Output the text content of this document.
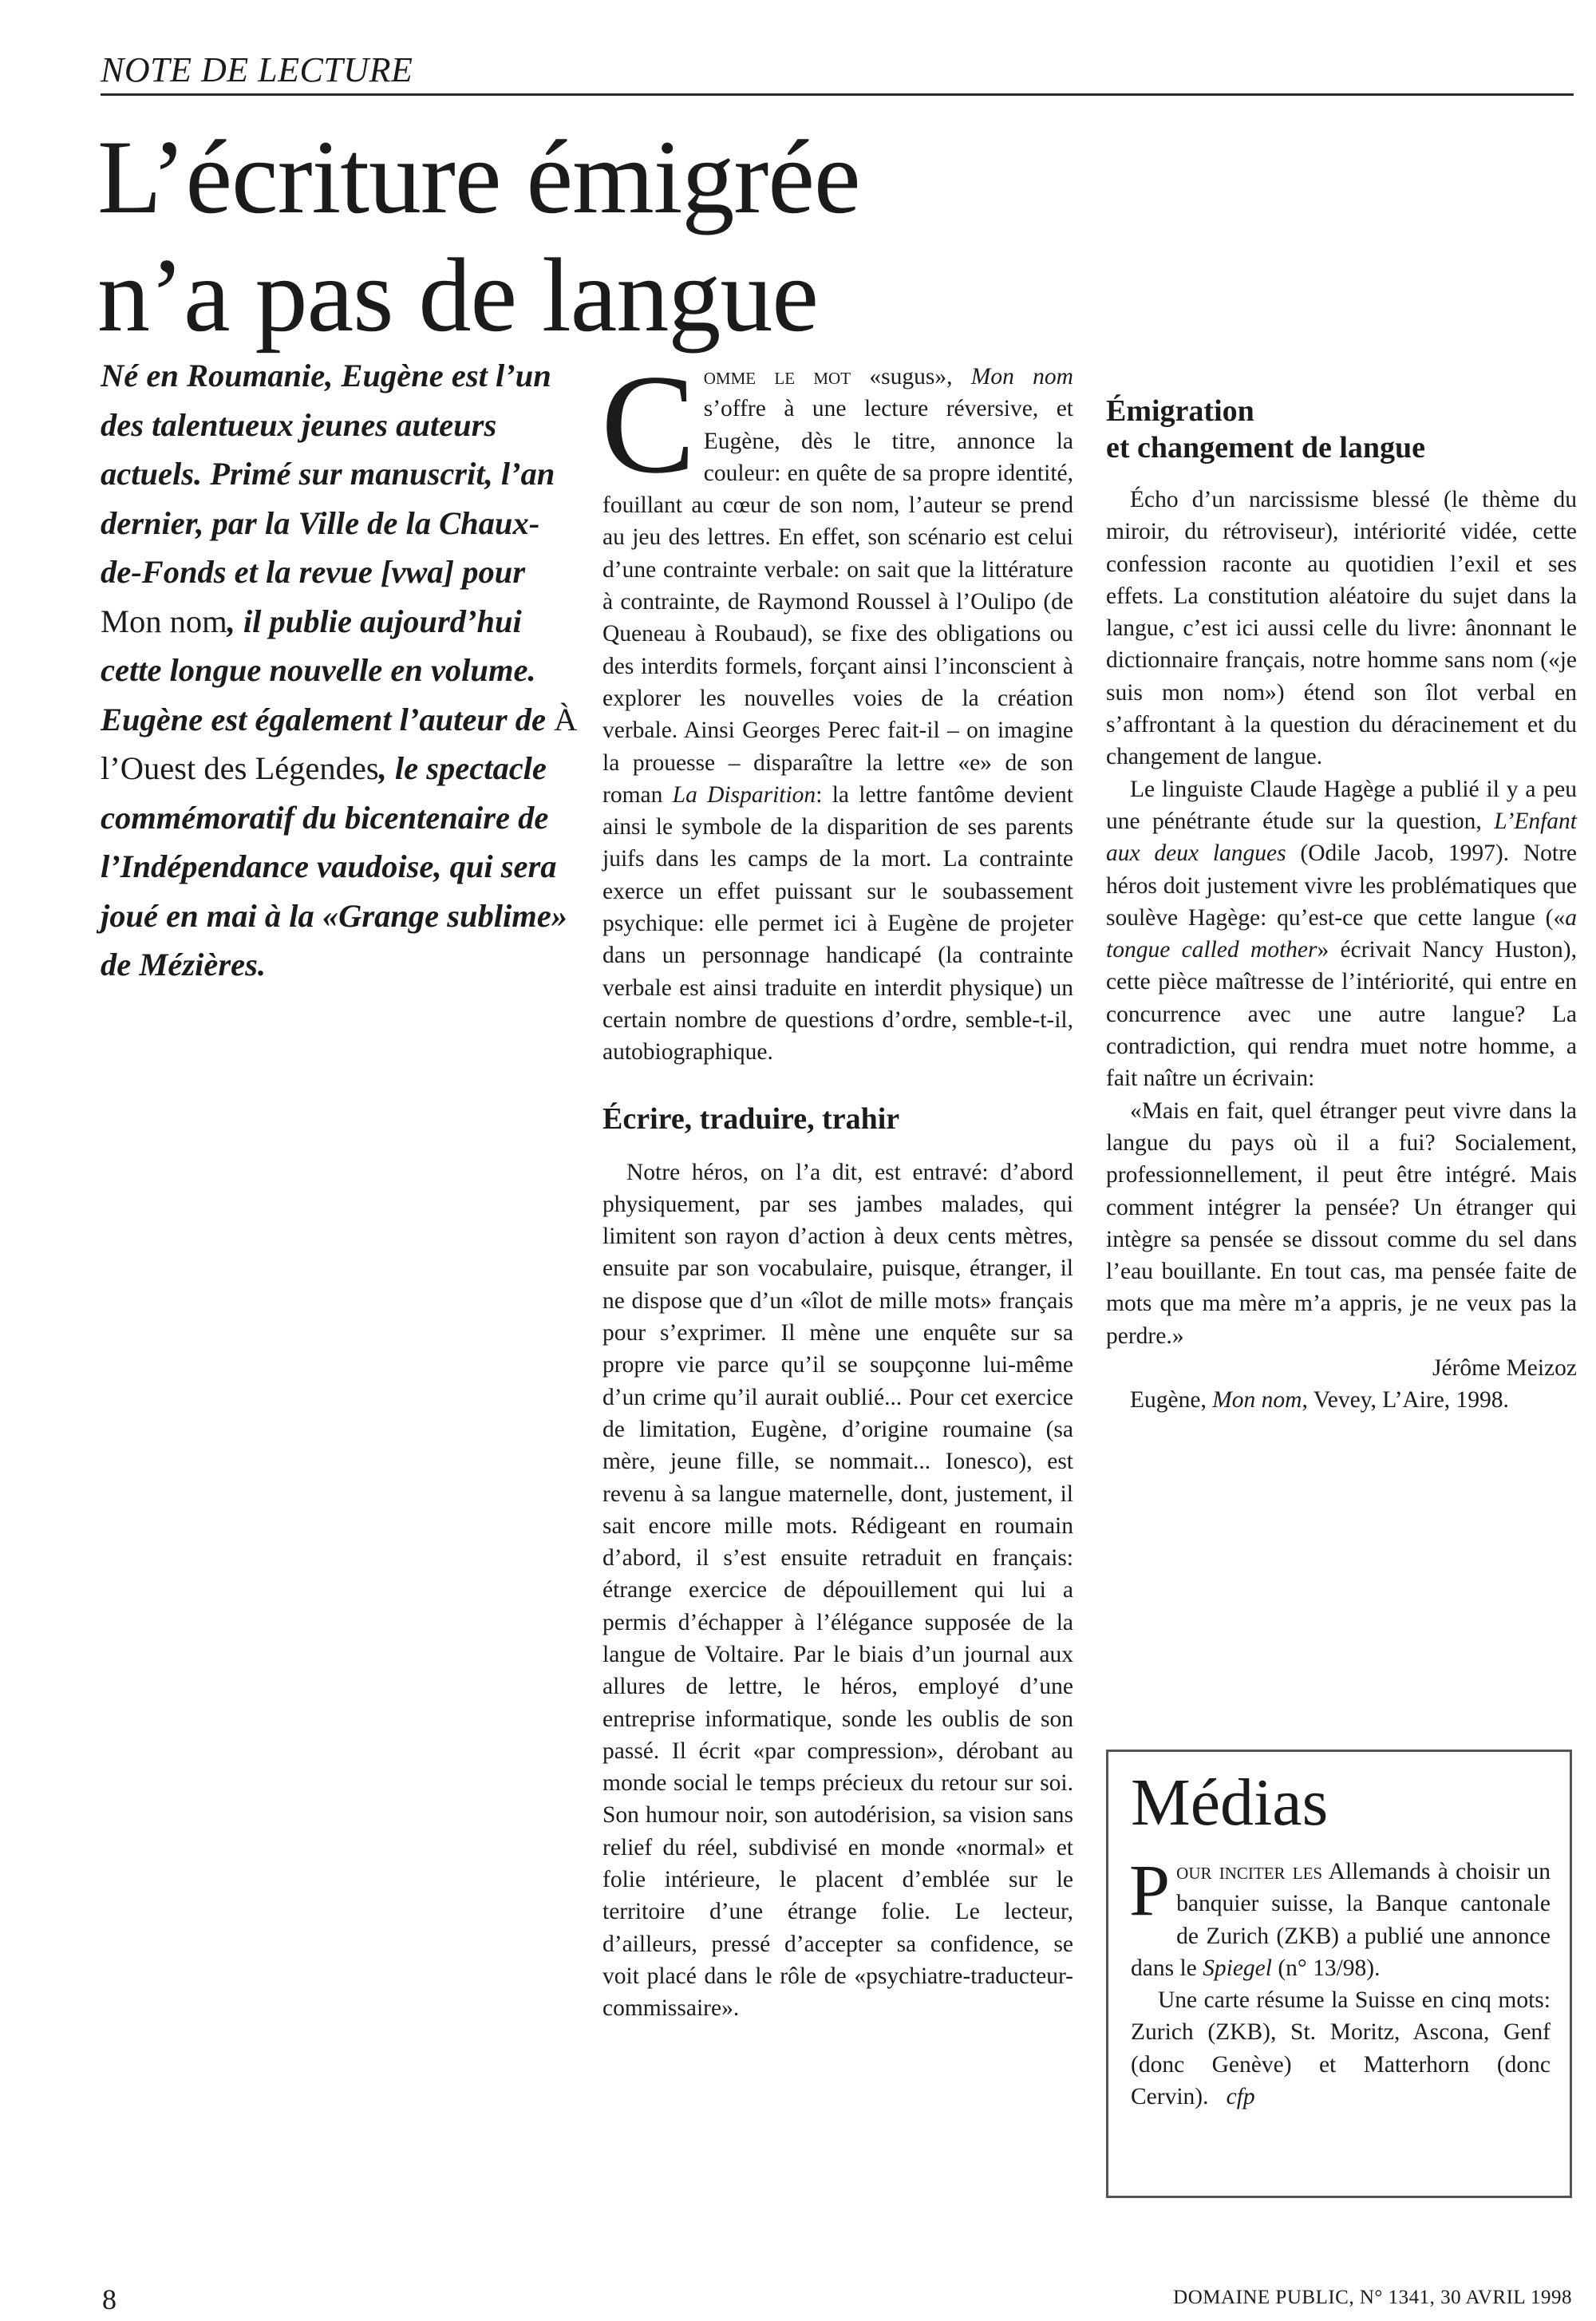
NOTE DE LECTURE
L’écriture émigrée
n’a pas de langue
Né en Roumanie, Eugène est l’un des talentueux jeunes auteurs actuels. Primé sur manuscrit, l’an dernier, par la Ville de la Chaux-de-Fonds et la revue [vwa] pour Mon nom, il publie aujourd’hui cette longue nouvelle en volume. Eugène est également l’auteur de À l’Ouest des Légendes, le spectacle commémoratif du bicentenaire de l’Indépendance vaudoise, qui sera joué en mai à la «Grange sublime» de Mézières.

Comme le mot «sugus», Mon nom s’offre à une lecture réversive, et Eugène, dès le titre, annonce la couleur: en quête de sa propre identité, fouillant au cœur de son nom, l’auteur se prend au jeu des lettres. En effet, son scénario est celui d’une contrainte verbale: on sait que la littérature à contrainte, de Raymond Roussel à l’Oulipo (de Queneau à Roubaud), se fixe des obligations ou des interdits formels, forçant ainsi l’inconscient à explorer les nouvelles voies de la création verbale. Ainsi Georges Perec fait-il – on imagine la prouesse – disparaître la lettre «e» de son roman La Disparition: la lettre fantôme devient ainsi le symbole de la disparition de ses parents juifs dans les camps de la mort. La contrainte exerce un effet puissant sur le soubassement psychique: elle permet ici à Eugène de projeter dans un personnage handicapé (la contrainte verbale est ainsi traduite en interdit physique) un certain nombre de questions d’ordre, semble-t-il, autobiographique.

Écrire, traduire, trahir

Notre héros, on l’a dit, est entravé: d’abord physiquement, par ses jambes malades, qui limitent son rayon d’action à deux cents mètres, ensuite par son vocabulaire, puisque, étranger, il ne dispose que d’un «îlot de mille mots» français pour s’exprimer. Il mène une enquête sur sa propre vie parce qu’il se soupçonne lui-même d’un crime qu’il aurait oublié... Pour cet exercice de limitation, Eugène, d’origine roumaine (sa mère, jeune fille, se nommait... Ionesco), est revenu à sa langue maternelle, dont, justement, il sait encore mille mots. Rédigeant en roumain d’abord, il s’est ensuite retraduit en français: étrange exercice de dépouillement qui lui a permis d’échapper à l’élégance supposée de la langue de Voltaire. Par le biais d’un journal aux allures de lettre, le héros, employé d’une entreprise informatique, sonde les oublis de son passé. Il écrit «par compression», dérobant au monde social le temps précieux du retour sur soi. Son humour noir, son autodérision, sa vision sans relief du réel, subdivisé en monde «normal» et folie intérieure, le placent d’emblée sur le territoire d’une étrange folie. Le lecteur, d’ailleurs, pressé d’accepter sa confidence, se voit placé dans le rôle de «psychiatre-traducteur-commissaire».

Émigration
et changement de langue

Écho d’un narcissisme blessé (le thème du miroir, du rétroviseur), intériorité vidée, cette confession raconte au quotidien l’exil et ses effets. La constitution aléatoire du sujet dans la langue, c’est ici aussi celle du livre: ânonnant le dictionnaire français, notre homme sans nom («je suis mon nom») étend son îlot verbal en s’affrontant à la question du déracinement et du changement de langue.

Le linguiste Claude Hagège a publié il y a peu une pénétrante étude sur la question, L’Enfant aux deux langues (Odile Jacob, 1997). Notre héros doit justement vivre les problématiques que soulève Hagège: qu’est-ce que cette langue («a tongue called mother» écrivait Nancy Huston), cette pièce maîtresse de l’intériorité, qui entre en concurrence avec une autre langue? La contradiction, qui rendra muet notre homme, a fait naître un écrivain:

«Mais en fait, quel étranger peut vivre dans la langue du pays où il a fui? Socialement, professionnellement, il peut être intégré. Mais comment intégrer la pensée? Un étranger qui intègre sa pensée se dissout comme du sel dans l’eau bouillante. En tout cas, ma pensée faite de mots que ma mère m’a appris, je ne veux pas la perdre.»

Jérôme Meizoz

Eugène, Mon nom, Vevey, L’Aire, 1998.

Médias

Pour inciter les Allemands à choisir un banquier suisse, la Banque cantonale de Zurich (ZKB) a publié une annonce dans le Spiegel (n° 13/98).

Une carte résume la Suisse en cinq mots: Zurich (ZKB), St. Moritz, Ascona, Genf (donc Genève) et Matterhorn (donc Cervin). cfp

8	DOMAINE PUBLIC, N° 1341, 30 AVRIL 1998
